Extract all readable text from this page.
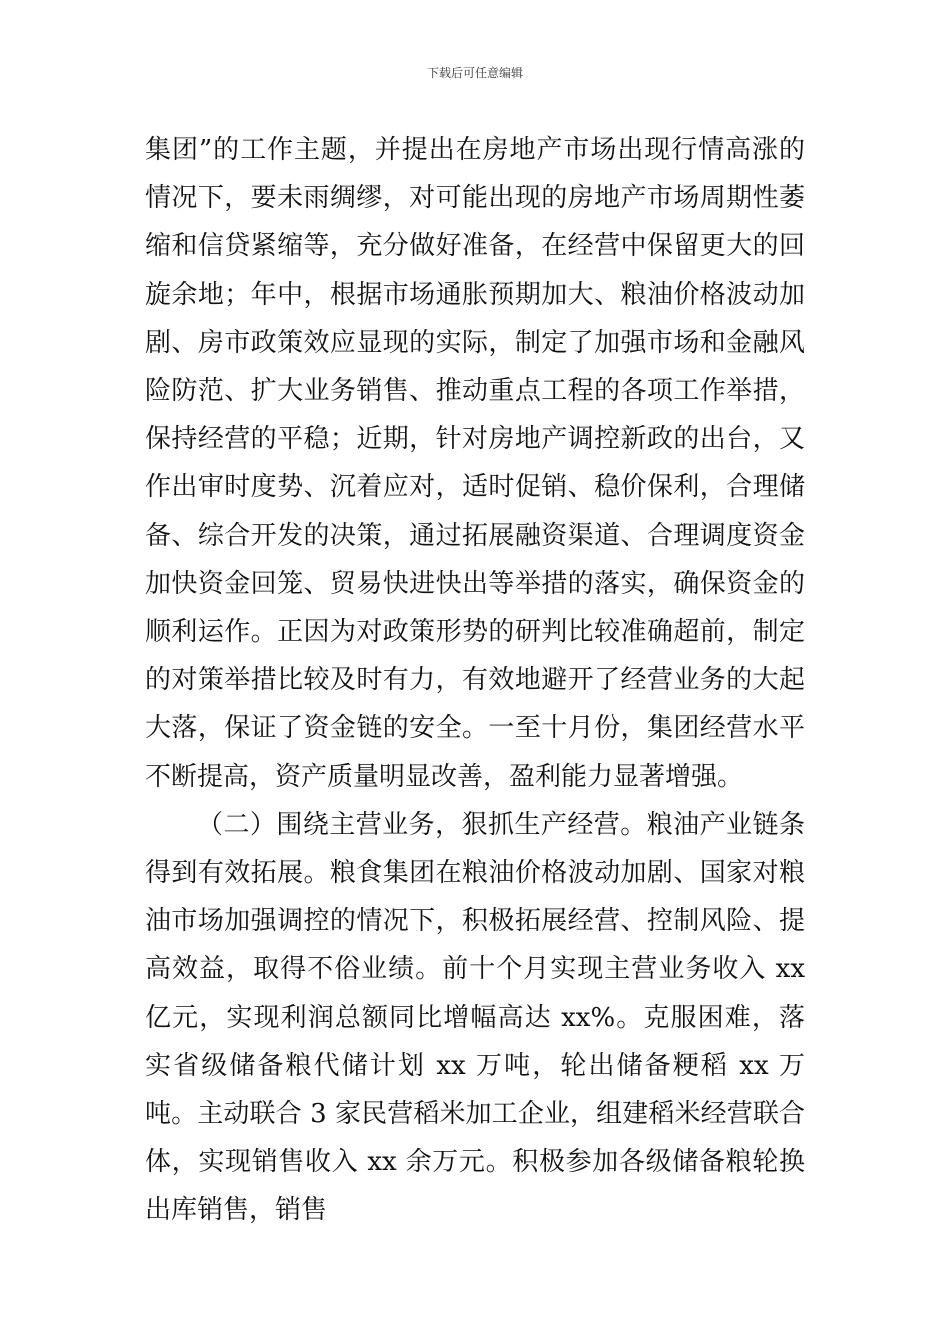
下载后可任意编辑

集团”的工作主题，并提出在房地产市场出现行情高涨的情况下，要未雨绸缪，对可能出现的房地产市场周期性萎缩和信贷紧缩等，充分做好准备，在经营中保留更大的回旋余地；年中，根据市场通胀预期加大、粮油价格波动加剧、房市政策效应显现的实际，制定了加强市场和金融风险防范、扩大业务销售、推动重点工程的各项工作举措，保持经营的平稳；近期，针对房地产调控新政的出台，又作出审时度势、沉着应对，适时促销、稳价保利，合理储备、综合开发的决策，通过拓展融资渠道、合理调度资金加快资金回笼、贸易快进快出等举措的落实，确保资金的顺利运作。正因为对政策形势的研判比较准确超前，制定的对策举措比较及时有力，有效地避开了经营业务的大起大落，保证了资金链的安全。一至十月份，集团经营水平不断提高，资产质量明显改善，盈利能力显著增强。

（二）围绕主营业务，狠抓生产经营。粮油产业链条得到有效拓展。粮食集团在粮油价格波动加剧、国家对粮油市场加强调控的情况下，积极拓展经营、控制风险、提高效益，取得不俗业绩。前十个月实现主营业务收入 xx 亿元，实现利润总额同比增幅高达 xx%。克服困难，落实省级储备粮代储计划 xx 万吨，轮出储备粳稻 xx 万吨。主动联合 3 家民营稻米加工企业，组建稻米经营联合体，实现销售收入 xx 余万元。积极参加各级储备粮轮换出库销售，销售
